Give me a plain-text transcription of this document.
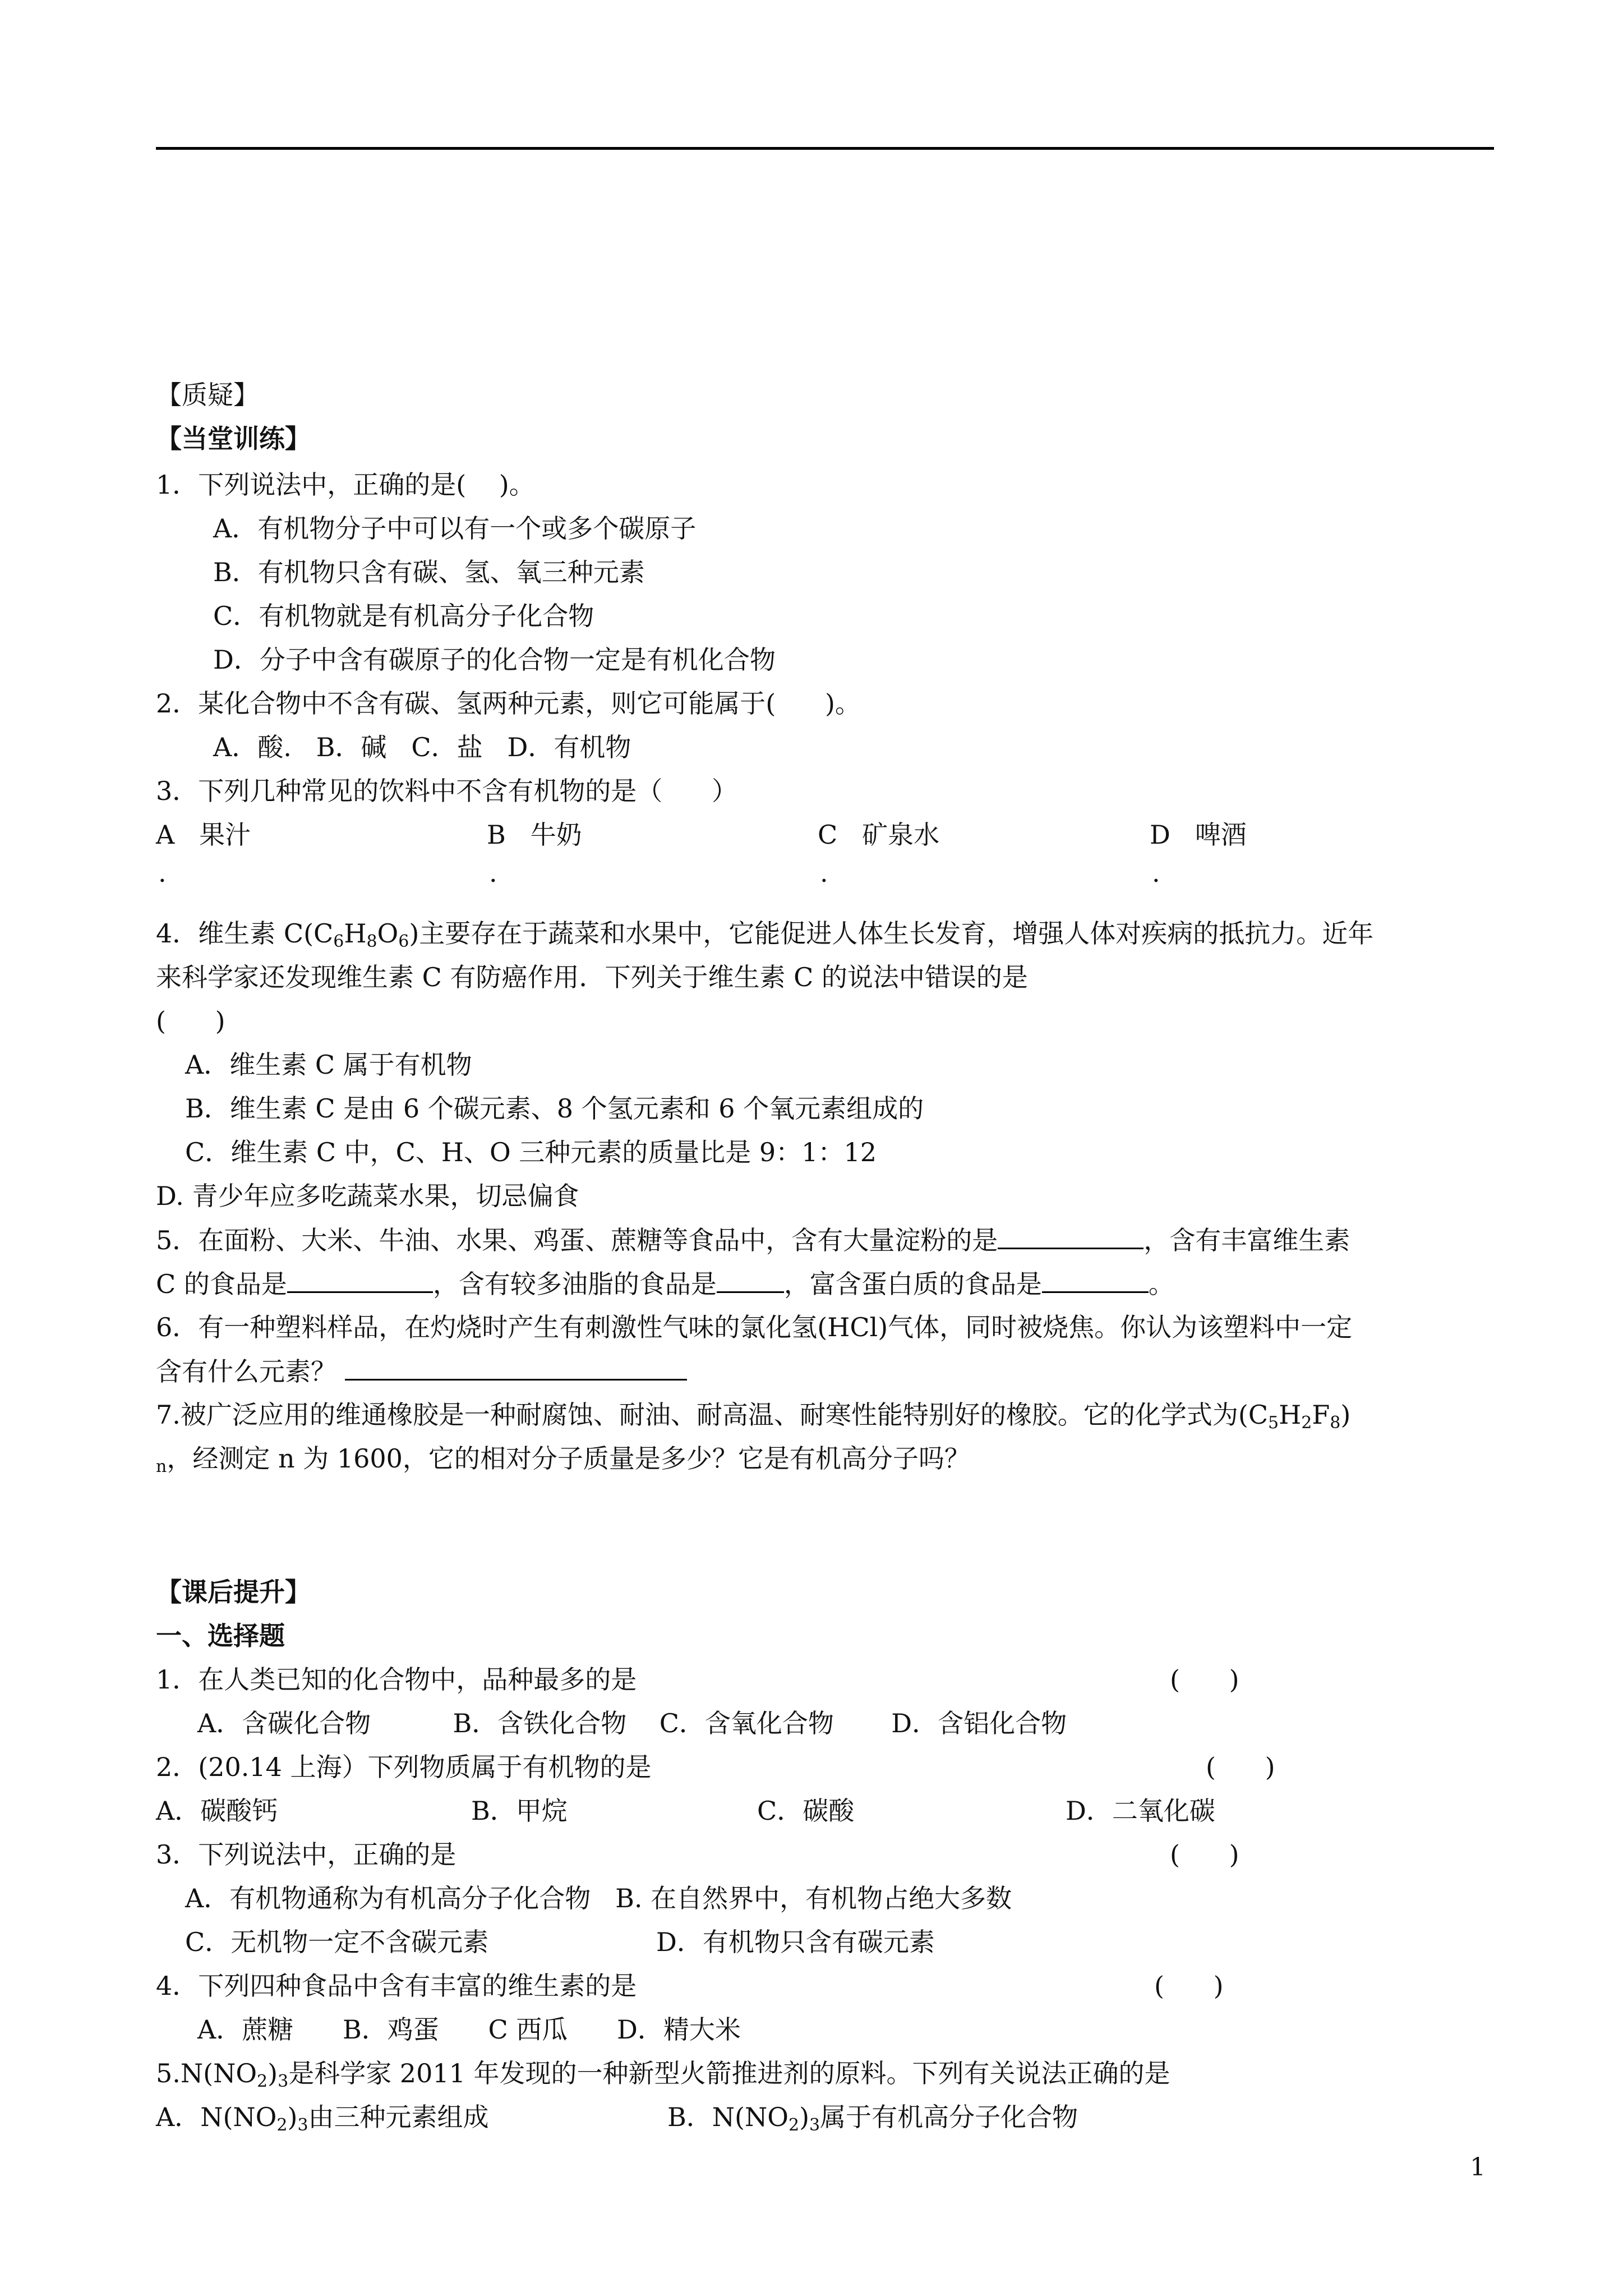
【质疑】
【当堂训练】
1．下列说法中，正确的是(    )。
A．有机物分子中可以有一个或多个碳原子
B．有机物只含有碳、氢、氧三种元素
C．有机物就是有机高分子化合物
D．分子中含有碳原子的化合物一定是有机化合物
2．某化合物中不含有碳、氢两种元素，则它可能属于(      )。
A．酸.   B．碱   C．盐   D．有机物
3．下列几种常见的饮料中不含有机物的是（      ）
A   果汁	B   牛奶	C   矿泉水	D   啤酒
.	.	.	.
4．维生素 $C(C_6H_8O_6)$主要存在于蔬菜和水果中，它能促进人体生长发育，增强人体对疾病的抵抗力。近年
来科学家还发现维生素 C 有防癌作用．下列关于维生素 C 的说法中错误的是
(      )
A．维生素 C 属于有机物
B．维生素 C 是由 6 个碳元素、8 个氢元素和 6 个氧元素组成的
C．维生素 C 中，C、H、O 三种元素的质量比是 9：1：12
D. 青少年应多吃蔬菜水果，切忌偏食
5．在面粉、大米、牛油、水果、鸡蛋、蔗糖等食品中，含有大量淀粉的是	，含有丰富维生素
C 的食品是	，含有较多油脂的食品是	，富含蛋白质的食品是	。
6．有一种塑料样品，在灼烧时产生有刺激性气味的氯化氢(HCl)气体，同时被烧焦。你认为该塑料中一定
含有什么元素？
7.被广泛应用的维通橡胶是一种耐腐蚀、耐油、耐高温、耐寒性能特别好的橡胶。它的化学式为$(C_5H_2F_8)$
$_n$，经测定 n 为 1600，它的相对分子质量是多少？它是有机高分子吗？
【课后提升】
一、选择题
1．在人类已知的化合物中，品种最多的是	(      )
A．含碳化合物          B．含铁化合物    C．含氧化合物       D．含铝化合物
2．(20.14 上海）下列物质属于有机物的是	(      )
A．碳酸钙	B．甲烷	C．碳酸	D．二氧化碳
3．下列说法中，正确的是	(      )
A．有机物通称为有机高分子化合物   B. 在自然界中，有机物占绝大多数
C．无机物一定不含碳元素	D．有机物只含有碳元素
4．下列四种食品中含有丰富的维生素的是	(      )
A．蔗糖      B．鸡蛋      C 西瓜      D．精大米
$5.N(NO_2)_3$是科学家 2011 年发现的一种新型火箭推进剂的原料。下列有关说法正确的是
A．$N(NO_2)_3$由三种元素组成	B．$N(NO_2)_3$属于有机高分子化合物
1
